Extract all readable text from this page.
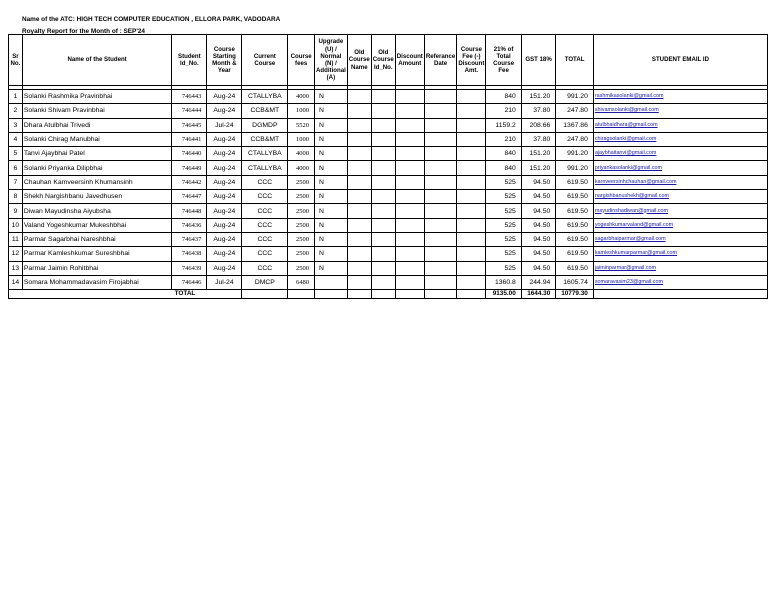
Name of the ATC: HIGH TECH COMPUTER EDUCATION , ELLORA PARK, VADODARA
Royalty Report for the Month of : SEP'24
Sr No.	Name of the Student	Student Id_No.	Course Starting Month & Year	Current Course	Course fees	Upgrade (U) / Normal (N) / Additional (A)	Old Course Name	Old Course Id_No.	Discount Amount	Referance Date	Course Fee (-) Discount Amt.	21% of Total Course Fee	GST 18%	TOTAL	STUDENT EMAIL ID

1	Solanki Rashmika Pravinbhai	746443	Aug-24	CTALLYBA	4000	N						840	151.20	991.20	rashmikasolanki@gmail.com
2	Solanki Shivam Pravinbhai	746444	Aug-24	CCB&MT	1000	N						210	37.80	247.80	shivamsolanki@gmail.com
3	Dhara Atulbhai Trivedi	746445	Jul-24	DGMDP	5520	N						1159.2	208.66	1367.86	atulbhaidhara@gmail.com
4	Solanki Chirag Manubhai	746441	Aug-24	CCB&MT	1000	N						210	37.80	247.80	chiragsolanki@gmail.com
5	Tanvi Ajaybhai Patel	746440	Aug-24	CTALLYBA	4000	N						840	151.20	991.20	ajaybhaitanvi@gmail.com
6	Solanki Priyanka Dilipbhai	746449	Aug-24	CTALLYBA	4000	N						840	151.20	991.20	priyankasolanki@gmail.com
7	Chauhan Kamveersinh Khumansinh	746442	Aug-24	CCC	2500	N						525	94.50	619.50	karnveersinhchauhan@gmail.com
8	Shekh Nargishbanu Javedhusen	746447	Aug-24	CCC	2500	N						525	94.50	619.50	nargishbanushekh@gmail.com
9	Diwan Mayudinsha Aiyubsha	746448	Aug-24	CCC	2500	N						525	94.50	619.50	mayudinshadiwan@gmail.com
10	Valand Yogeshkumar Mukeshbhai	746436	Aug-24	CCC	2500	N						525	94.50	619.50	yogeshkumarvaland@gmail.com
11	Parmar Sagarbhai Nareshbhai	746437	Aug-24	CCC	2500	N						525	94.50	619.50	sagarbhaiparmar@gmail.com
12	Parmar Kamleshkumar Sureshbhai	746438	Aug-24	CCC	2500	N						525	94.50	619.50	kamleshkumarparmar@gmail.com
13	Parmar Jaimin Rohitbhai	746439	Aug-24	CCC	2500	N						525	94.50	619.50	jaiminparmar@gmail.com
14	Somara Mohammadavasim Firojabhai	746446	Jul-24	DMCP	6480							1360.8	244.94	1605.74	somaravasim23@gmail.com
TOTAL												9135.00	1644.30	10779.30	
